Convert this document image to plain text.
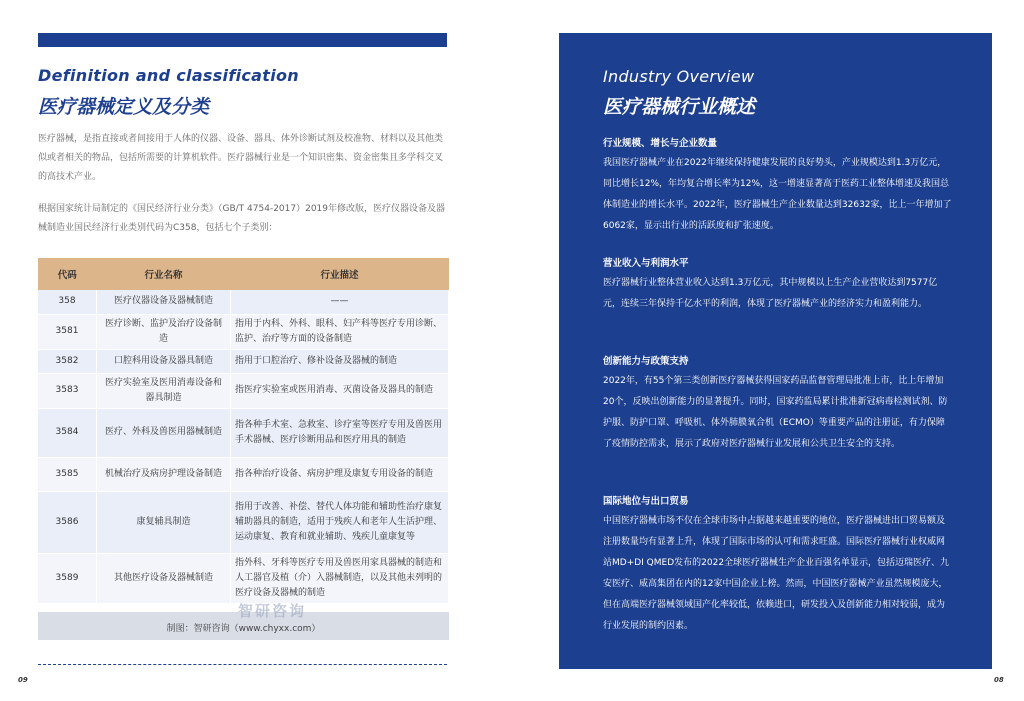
Definition and classification
医疗器械定义及分类
医疗器械，是指直接或者间接用于人体的仪器、设备、器具、体外诊断试剂及校准物、材料以及其他类似或者相关的物品，包括所需要的计算机软件。医疗器械行业是一个知识密集、资金密集且多学科交叉的高技术产业。
根据国家统计局制定的《国民经济行业分类》（GB/T 4754-2017）2019年修改版，医疗仪器设备及器械制造业国民经济行业类别代码为C358，包括七个子类别：
代码	行业名称	行业描述
358	医疗仪器设备及器械制造	——
3581	医疗诊断、监护及治疗设备制造	指用于内科、外科、眼科、妇产科等医疗专用诊断、监护、治疗等方面的设备制造
3582	口腔科用设备及器具制造	指用于口腔治疗、修补设备及器械的制造
3583	医疗实验室及医用消毒设备和器具制造	指医疗实验室或医用消毒、灭菌设备及器具的制造
3584	医疗、外科及兽医用器械制造	指各种手术室、急救室、诊疗室等医疗专用及兽医用手术器械、医疗诊断用品和医疗用具的制造
3585	机械治疗及病房护理设备制造	指各种治疗设备、病房护理及康复专用设备的制造
3586	康复辅具制造	指用于改善、补偿、替代人体功能和辅助性治疗康复辅助器具的制造，适用于残疾人和老年人生活护理、运动康复、教育和就业辅助、残疾儿童康复等
3589	其他医疗设备及器械制造	指外科、牙科等医疗专用及兽医用家具器械的制造和人工器官及植（介）入器械制造，以及其他未列明的医疗设备及器械的制造
制图：智研咨询（www.chyxx.com）
智研咨询
09
Industry Overview
医疗器械行业概述
行业规模、增长与企业数量

我国医疗器械产业在2022年继续保持健康发展的良好势头，产业规模达到1.3万亿元，同比增长12%，年均复合增长率为12%，这一增速显著高于医药工业整体增速及我国总体制造业的增长水平。2022年，医疗器械生产企业数量达到32632家，比上一年增加了6062家，显示出行业的活跃度和扩张速度。

营业收入与利润水平

医疗器械行业整体营业收入达到1.3万亿元，其中规模以上生产企业营收达到7577亿元，连续三年保持千亿水平的利润，体现了医疗器械产业的经济实力和盈利能力。

创新能力与政策支持

2022年，有55个第三类创新医疗器械获得国家药品监督管理局批准上市，比上年增加20个，反映出创新能力的显著提升。同时，国家药监局累计批准新冠病毒检测试剂、防护服、防护口罩、呼吸机、体外肺膜氧合机（ECMO）等重要产品的注册证，有力保障了疫情防控需求，展示了政府对医疗器械行业发展和公共卫生安全的支持。

国际地位与出口贸易

中国医疗器械市场不仅在全球市场中占据越来越重要的地位，医疗器械进出口贸易额及注册数量均有显著上升，体现了国际市场的认可和需求旺盛。国际医疗器械行业权威网站MD+DI QMED发布的2022全球医疗器械生产企业百强名单显示，包括迈瑞医疗、九安医疗、威高集团在内的12家中国企业上榜。然而，中国医疗器械产业虽然规模庞大，但在高端医疗器械领域国产化率较低，依赖进口，研发投入及创新能力相对较弱，成为行业发展的制约因素。

08
